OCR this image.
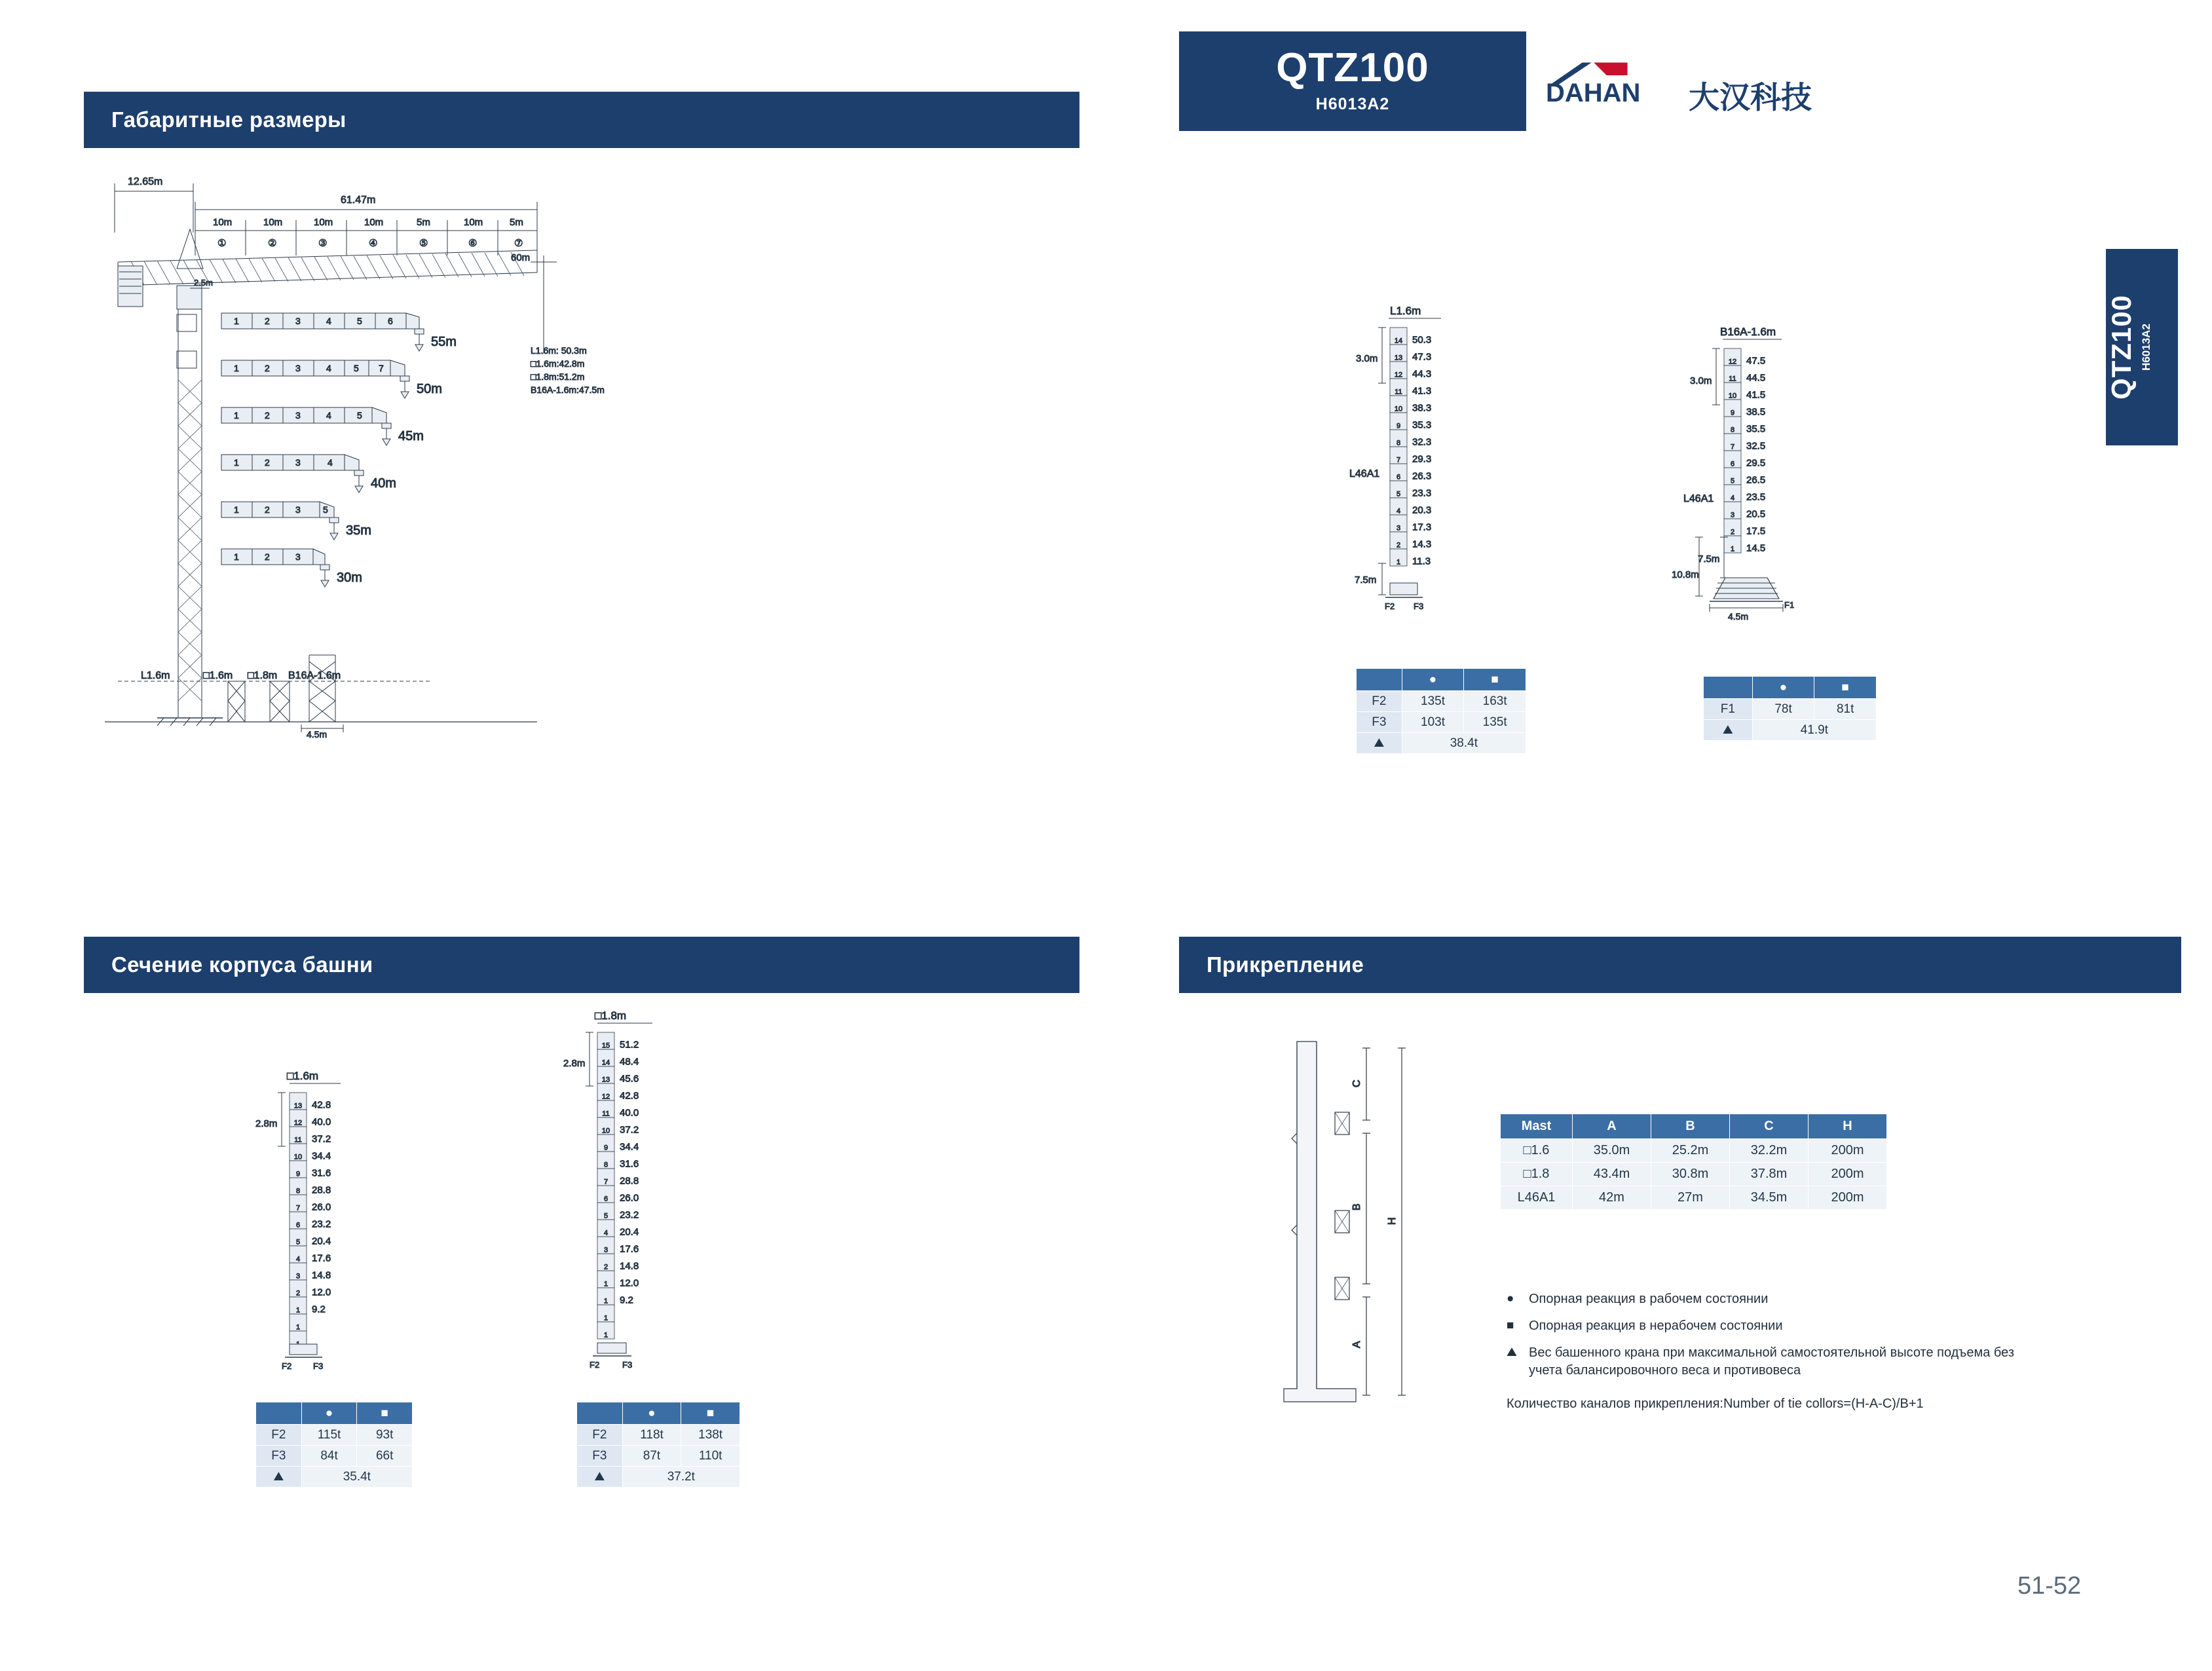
QTZ100
H6013A2	DAHAN 大汉科技
QTZ100 H6013A2
Габаритные размеры
Сечение корпуса башни	Прикрепление
12.65m
61.47m
10m	10m	10m	10m	5m	10m	5m
①	②	③	④	⑤	⑥	⑦
2.5m
60m
L1.6m: 50.3m
□1.6m:42.8m
□1.8m:51.2m
B16A-1.6m:47.5m
1	2	3	4	5	6
55m
1	2	3	4 5 7
50m
1	2	3	4	5
45m
1	2	3	4
40m
1	2	3 5
35m
1	2	3
30m
L1.6m	□1.6m □1.8m B16A-1.6m
4.5m
L1.6m
14 50.3
13 47.3
12 44.3
11 41.3
10 38.3
9 35.3
8 32.3
7 29.3
6 26.3
5 23.3
4 20.3
3 17.3
2 14.3
1 11.3
3.0m
7.5m
L46A1
F2 F3
	●	■
F2	135t	163t
F3	103t	135t
⛰	38.4t	
B16A-1.6m
12 47.5
11 44.5
10 41.5
9 38.5
8 35.5
7 32.5
6 29.5
5 26.5
4 23.5
3 20.5
2 17.5
1 14.5
3.0m
7.5m
10.8m
L46A1
4.5m
F1
	●	■
F1	78t	81t
⛰	41.9t	
□1.6m
13 42.8
12 40.0
11 37.2
10 34.4
9 31.6
8 28.8
7 26.0
6 23.2
5 20.4
4 17.6
3 14.8
2 12.0
1 9.2
1
2.8m
F2	F3
	●	■
F2	115t	93t
F3	84t	66t
⛰	35.4t	
□1.8m
15 51.2
14 48.4
13 45.6
12 42.8
11 40.0
10 37.2
9 34.4
8 31.6
7 28.8
6 26.0
5 23.2
4 20.4
3 17.6
2 14.8
1 12.0
1 9.2
1
1
2.8m
F2	F3
	●	■
F2	118t	138t
F3	87t	110t
⛰	37.2t	
C
B
A
H
Mast	A	B	C	H
□1.6	35.0m	25.2m	32.2m	200m
□1.8	43.4m	30.8m	37.8m	200m
L46A1	42m	27m	34.5m	200m
●	Опорная реакция в рабочем состоянии
■	Опорная реакция в нерабочем состоянии
⛰ Вес башенного крана при максимальной самостоятельной высоте подъема без учета балансировочного веса и противовеса
Количество каналов прикрепления:Number of tie collors=(H-A-C)/B+1
51-52
